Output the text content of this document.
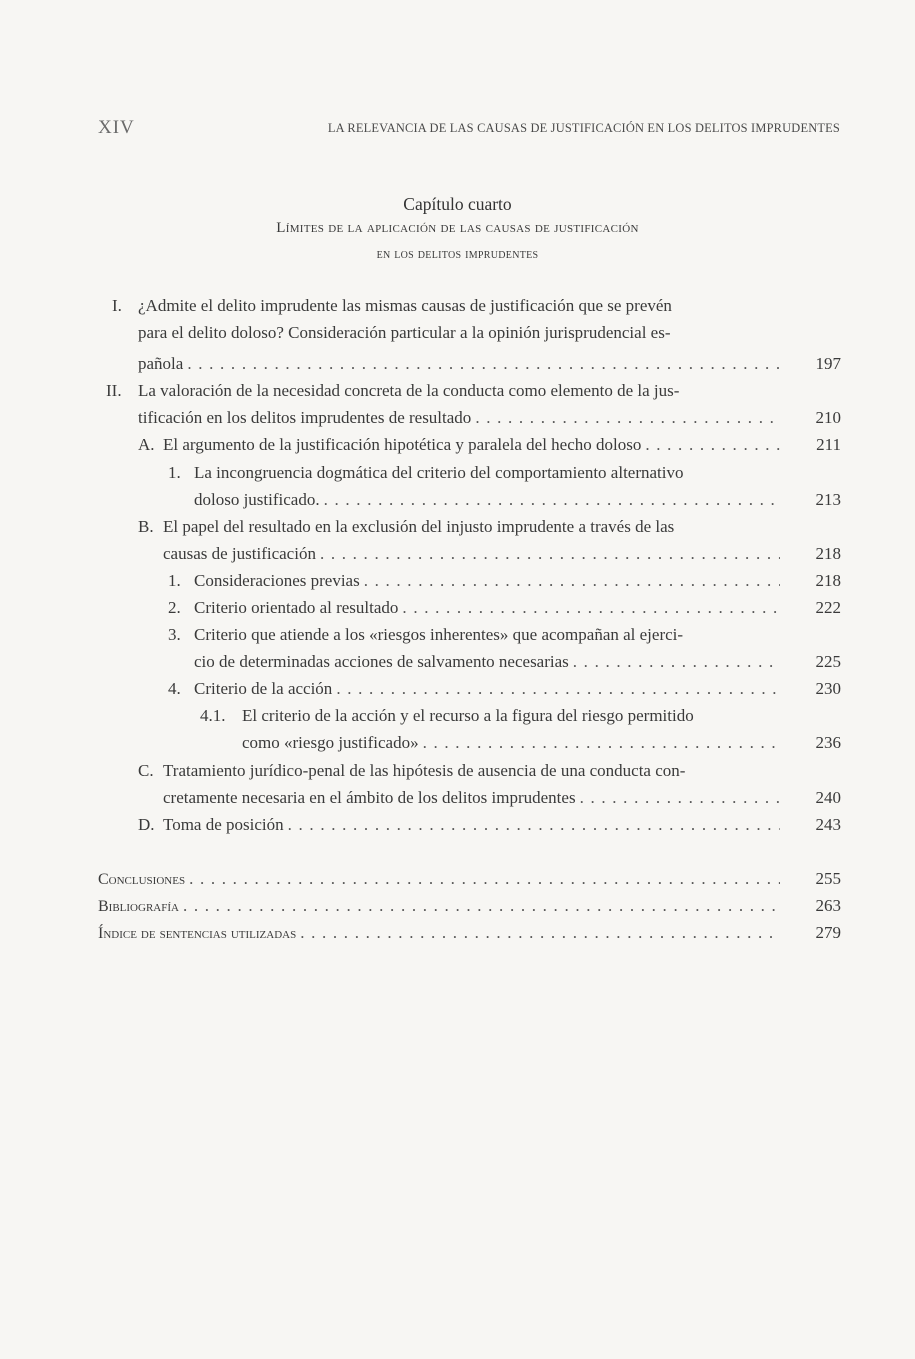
XIV	LA RELEVANCIA DE LAS CAUSAS DE JUSTIFICACIÓN EN LOS DELITOS IMPRUDENTES
Capítulo cuarto
Límites de la aplicación de las causas de justificación
en los delitos imprudentes
I. ¿Admite el delito imprudente las mismas causas de justificación que se prevén
para el delito doloso? Consideración particular a la opinión jurisprudencial es-
pañola . . .	197
II. La valoración de la necesidad concreta de la conducta como elemento de la jus-
tificación en los delitos imprudentes de resultado . . .	210
A. El argumento de la justificación hipotética y paralela del hecho doloso . . .	211
1. La incongruencia dogmática del criterio del comportamiento alternativo
doloso justificado. . . .	213
B. El papel del resultado en la exclusión del injusto imprudente a través de las
causas de justificación . . .	218
1. Consideraciones previas . . .	218
2. Criterio orientado al resultado . . .	222
3. Criterio que atiende a los «riesgos inherentes» que acompañan al ejerci-
cio de determinadas acciones de salvamento necesarias . . .	225
4. Criterio de la acción . . .	230
4.1. El criterio de la acción y el recurso a la figura del riesgo permitido
como «riesgo justificado» . . .	236
C. Tratamiento jurídico-penal de las hipótesis de ausencia de una conducta con-
cretamente necesaria en el ámbito de los delitos imprudentes . . .	240
D. Toma de posición . . .	243
Conclusiones . . .	255
Bibliografía . . .	263
Índice de sentencias utilizadas . . .	279
